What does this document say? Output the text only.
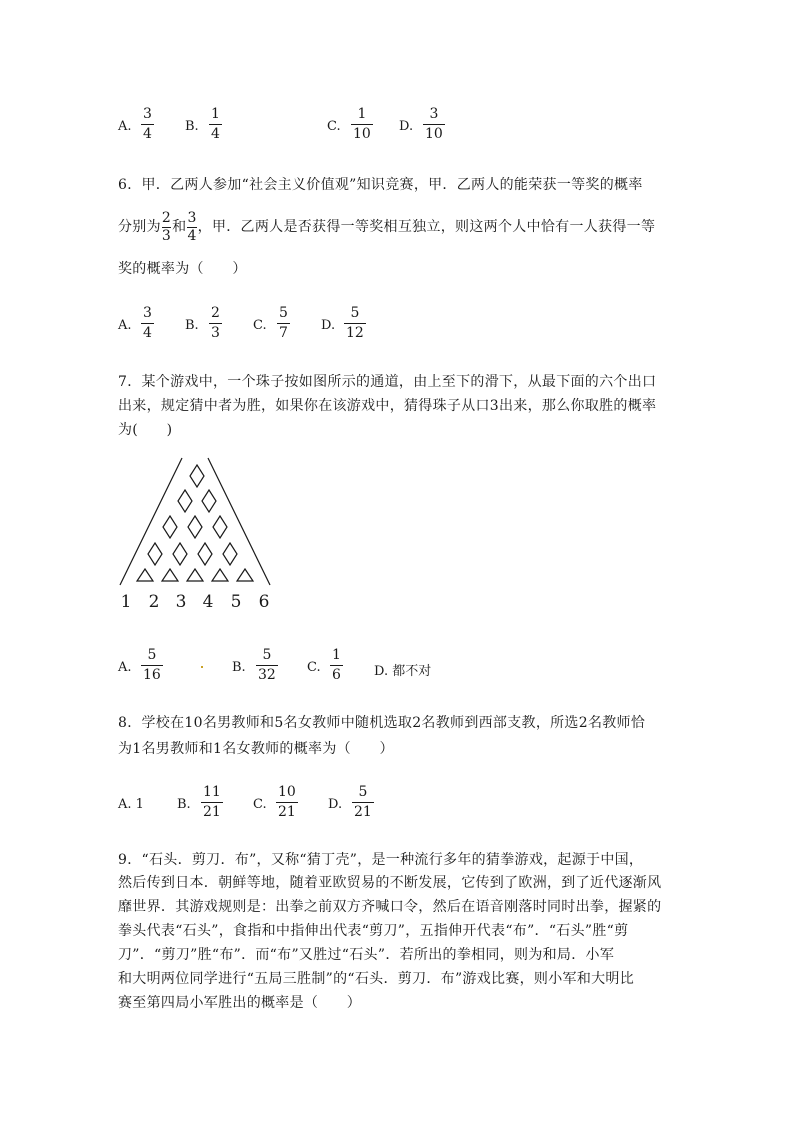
A.
3
4	B.
1
4	C.
1
10 D.
3
10
6．甲．乙两人参加“社会主义价值观”知识竞赛，甲．乙两人的能荣获一等奖的概率
分别为
2
3
和
3
4
，甲．乙两人是否获得一等奖相互独立，则这两个人中恰有一人获得一等
奖的概率为（　　）
A.
3
4	B.
2
3	C.
5
7	D.
5
12
7．某个游戏中，一个珠子按如图所示的通道，由上至下的滑下，从最下面的六个出口
出来，规定猜中者为胜，如果你在该游戏中，猜得珠子从口3出来，那么你取胜的概率
为(　　)
1 2 3 4 5 6
A.
5
16	B.
5
32 C.
1
6	D. 都不对
8．学校在10名男教师和5名女教师中随机选取2名教师到西部支教，所选2名教师恰
为1名男教师和1名女教师的概率为（　　）
A. 1	B.
11
21 C.
10
21 D.
5
21
9．“石头．剪刀．布”，又称“猜丁壳”，是一种流行多年的猜拳游戏，起源于中国，
然后传到日本．朝鲜等地，随着亚欧贸易的不断发展，它传到了欧洲，到了近代逐渐风
靡世界．其游戏规则是：出拳之前双方齐喊口令，然后在语音刚落时同时出拳，握紧的
拳头代表“石头”，食指和中指伸出代表“剪刀”，五指伸开代表“布”．“石头”胜“剪
刀”．“剪刀”胜“布”．而“布”又胜过“石头”．若所出的拳相同，则为和局．小军
和大明两位同学进行“五局三胜制”的“石头．剪刀．布”游戏比赛，则小军和大明比
赛至第四局小军胜出的概率是（　　）
